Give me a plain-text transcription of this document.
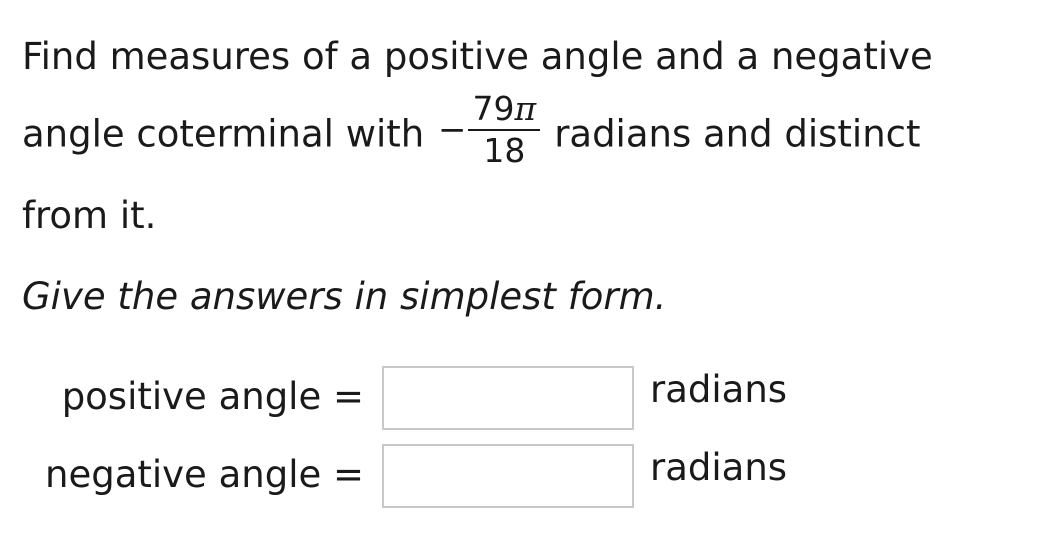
Find measures of a positive angle and a negative
angle coterminal with − $\frac{79\pi}{18}$ radians and distinct
from it.
Give the answers in simplest form.
positive angle =	radians
negative angle =	radians
